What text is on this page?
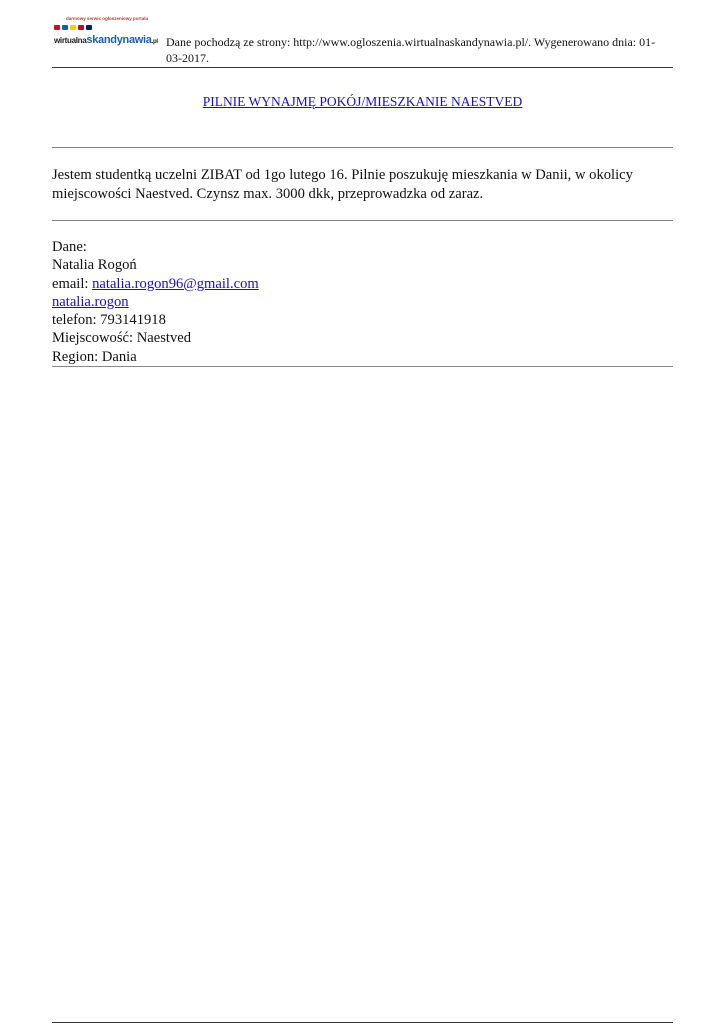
darmowy serwis ogłoszeniowy portalu
wirtualnaskandynawia.pl Dane pochodzą ze strony: http://www.ogloszenia.wirtualnaskandynawia.pl/. Wygenerowano dnia: 01-03-2017.
PILNIE WYNAJMĘ POKÓJ/MIESZKANIE NAESTVED
Jestem studentką uczelni ZIBAT od 1go lutego 16. Pilnie poszukuję mieszkania w Danii, w okolicy miejscowości Naestved. Czynsz max. 3000 dkk, przeprowadzka od zaraz.
Dane:
Natalia Rogoń
email: natalia.rogon96@gmail.com
natalia.rogon
telefon: 793141918
Miejscowość: Naestved
Region: Dania
